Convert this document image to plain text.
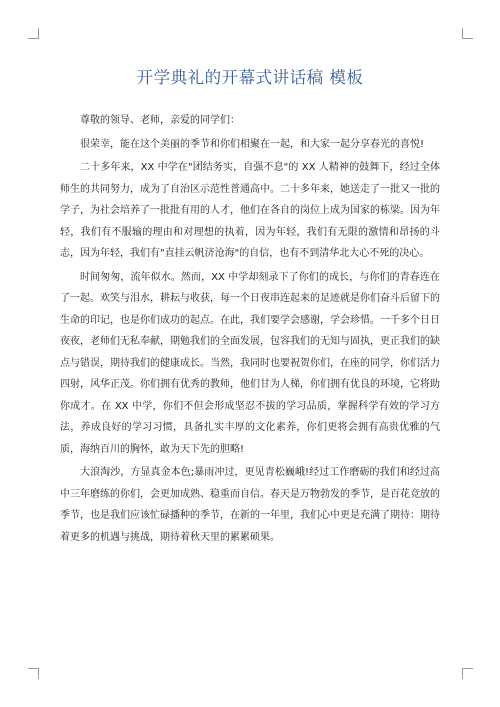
开学典礼的开幕式讲话稿 模板

尊敬的领导、老师，亲爱的同学们：

很荣幸，能在这个美丽的季节和你们相聚在一起，和大家一起分享春光的喜悦!

二十多年来，XX 中学在"团结务实，自强不息"的 XX 人精神的鼓舞下，经过全体师生的共同努力，成为了自治区示范性普通高中。二十多年来，她送走了一批又一批的学子，为社会培养了一批批有用的人才，他们在各自的岗位上成为国家的栋梁。因为年轻，我们有不服输的理由和对理想的执着，因为年轻，我们有无限的激情和昂扬的斗志，因为年轻，我们有"直挂云帆济沧海"的自信，也有不到清华北大心不死的决心。

时间匆匆，流年似水。然而，XX 中学却刻录下了你们的成长，与你们的青春连在了一起。欢笑与泪水，耕耘与收获，每一个日夜串连起来的足迹就是你们奋斗后留下的生命的印记，也是你们成功的起点。在此，我们要学会感谢，学会珍惜。一千多个日日夜夜，老师们无私奉献，期勉我们的全面发展，包容我们的无知与固执，更正我们的缺点与错误，期待我们的健康成长。当然，我同时也要祝贺你们，在座的同学，你们活力四射，风华正茂。你们拥有优秀的教师，他们甘为人梯，你们拥有优良的环境，它将助你成才。在 XX 中学，你们不但会形成坚忍不拔的学习品质，掌握科学有效的学习方法，养成良好的学习习惯，具备扎实丰厚的文化素养，你们更将会拥有高贵优雅的气质，海纳百川的胸怀，敢为天下先的胆略!

大浪淘沙，方显真金本色;暴雨冲过，更见青松巍峨!经过工作磨砺的我们和经过高中三年磨练的你们，会更加成熟、稳重而自信。春天是万物勃发的季节，是百花竞放的季节，也是我们应该忙碌播种的季节，在新的一年里，我们心中更是充满了期待：期待着更多的机遇与挑战，期待着秋天里的累累硕果。
